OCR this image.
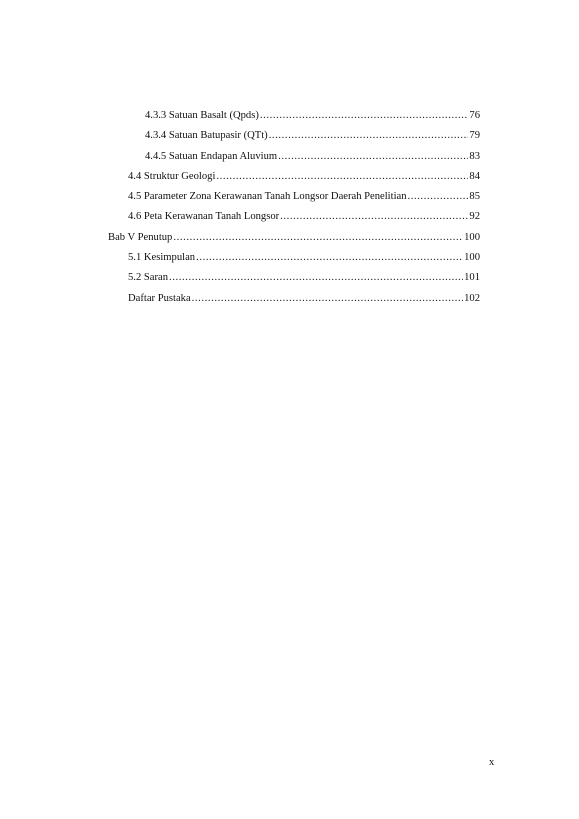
4.3.3 Satuan Basalt (Qpds) .....	76
4.3.4 Satuan Batupasir (QTt) .....	79
4.4.5 Satuan Endapan Aluvium .....	83
4.4 Struktur Geologi .....	84
4.5 Parameter Zona Kerawanan Tanah Longsor Daerah Penelitian .....	85
4.6 Peta Kerawanan Tanah Longsor .....	92
Bab V Penutup .....	100
5.1 Kesimpulan .....	100
5.2 Saran .....	101
Daftar Pustaka .....	102
x
